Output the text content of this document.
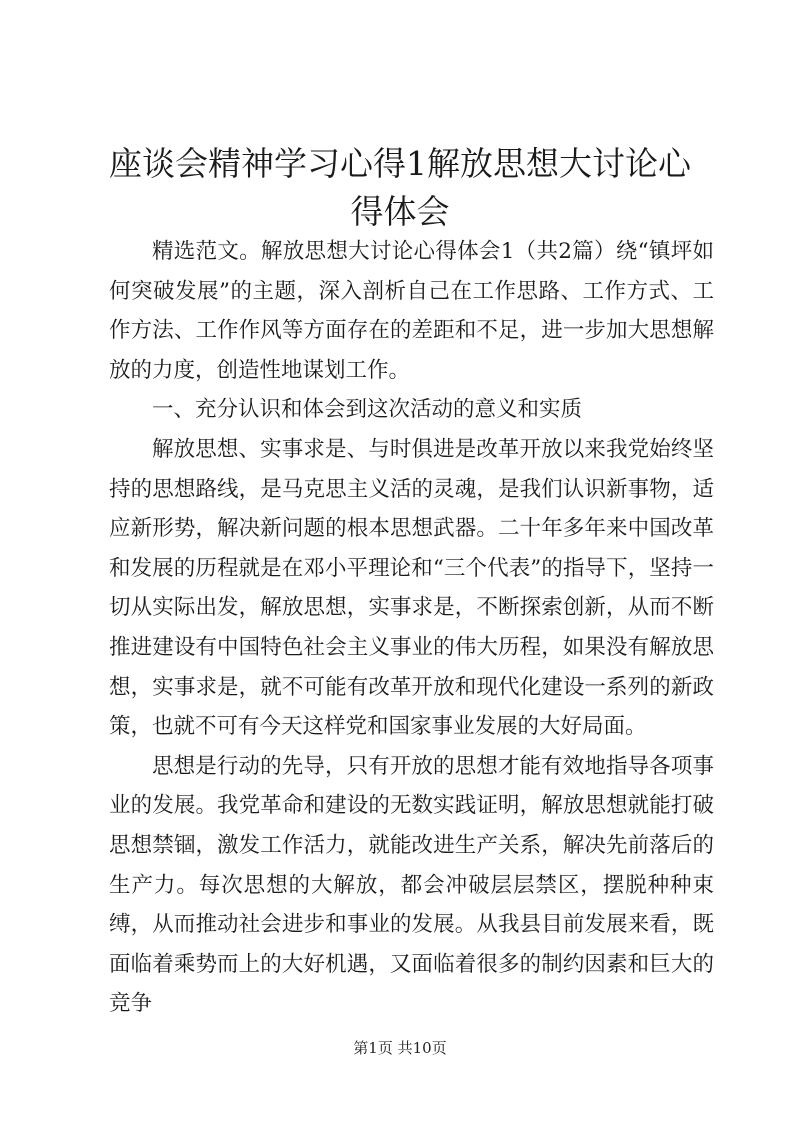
座谈会精神学习心得1解放思想大讨论心得体会

精选范文。解放思想大讨论心得体会1（共2篇）绕“镇坪如何突破发展”的主题，深入剖析自己在工作思路、工作方式、工作方法、工作作风等方面存在的差距和不足，进一步加大思想解放的力度，创造性地谋划工作。

一、充分认识和体会到这次活动的意义和实质

解放思想、实事求是、与时俱进是改革开放以来我党始终坚持的思想路线，是马克思主义活的灵魂，是我们认识新事物，适应新形势，解决新问题的根本思想武器。二十年多年来中国改革和发展的历程就是在邓小平理论和“三个代表”的指导下，坚持一切从实际出发，解放思想，实事求是，不断探索创新，从而不断推进建设有中国特色社会主义事业的伟大历程，如果没有解放思想，实事求是，就不可能有改革开放和现代化建设一系列的新政策，也就不可有今天这样党和国家事业发展的大好局面。

思想是行动的先导，只有开放的思想才能有效地指导各项事业的发展。我党革命和建设的无数实践证明，解放思想就能打破思想禁锢，激发工作活力，就能改进生产关系，解决先前落后的生产力。每次思想的大解放，都会冲破层层禁区，摆脱种种束缚，从而推动社会进步和事业的发展。从我县目前发展来看，既面临着乘势而上的大好机遇，又面临着很多的制约因素和巨大的竞争

第1页 共10页
